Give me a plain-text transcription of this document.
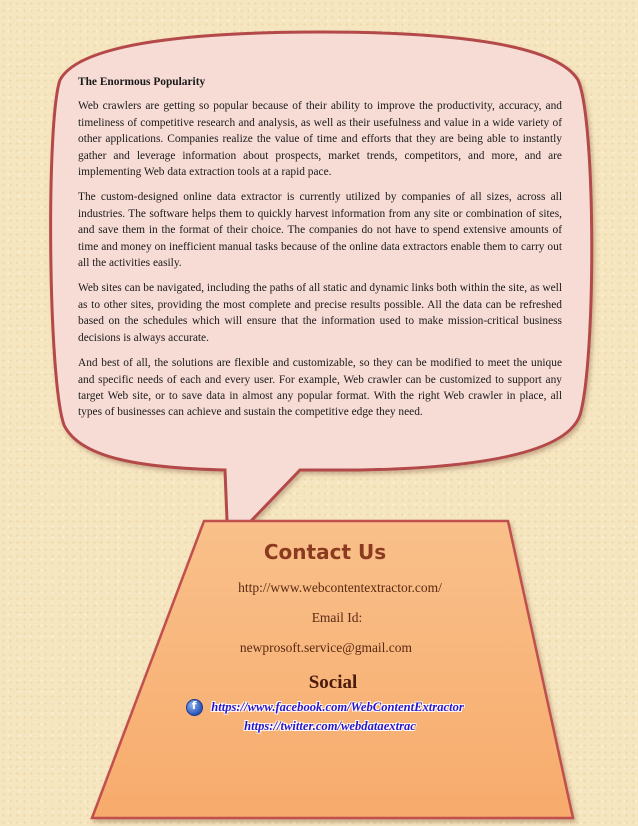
The Enormous Popularity

Web crawlers are getting so popular because of their ability to improve the productivity, accuracy, and timeliness of competitive research and analysis, as well as their usefulness and value in a wide variety of other applications. Companies realize the value of time and efforts that they are being able to instantly gather and leverage information about prospects, market trends, competitors, and more, and are implementing Web data extraction tools at a rapid pace.

The custom-designed online data extractor is currently utilized by companies of all sizes, across all industries. The software helps them to quickly harvest information from any site or combination of sites, and save them in the format of their choice. The companies do not have to spend extensive amounts of time and money on inefficient manual tasks because of the online data extractors enable them to carry out all the activities easily.

Web sites can be navigated, including the paths of all static and dynamic links both within the site, as well as to other sites, providing the most complete and precise results possible. All the data can be refreshed based on the schedules which will ensure that the information used to make mission-critical business decisions is always accurate.

And best of all, the solutions are flexible and customizable, so they can be modified to meet the unique and specific needs of each and every user. For example, Web crawler can be customized to support any target Web site, or to save data in almost any popular format. With the right Web crawler in place, all types of businesses can achieve and sustain the competitive edge they need.

Contact Us
http://www.webcontentextractor.com/
Email Id:
newprosoft.service@gmail.com
Social
f
https://www.facebook.com/WebContentExtractor
https://twitter.com/webdataextrac
